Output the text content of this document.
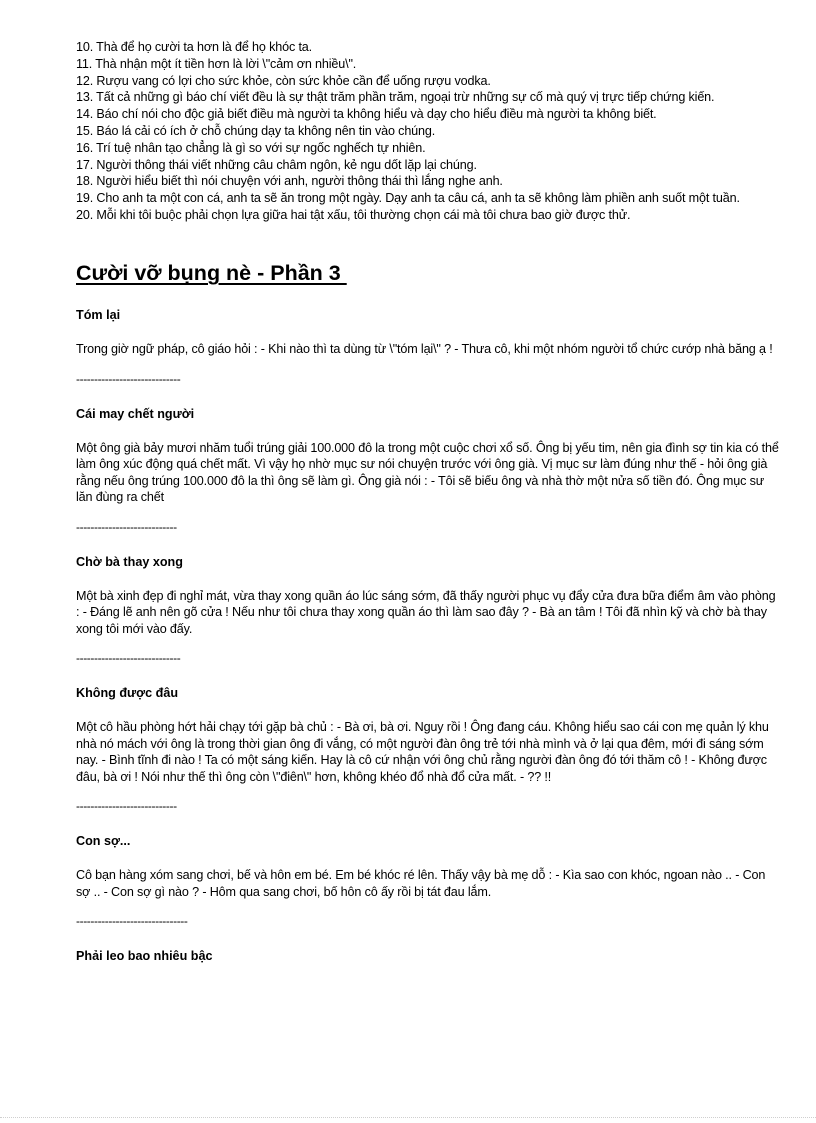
10. Thà để họ cười ta hơn là để họ khóc ta.
11. Thà nhận một ít tiền hơn là lời \"cảm ơn nhiều\".
12. Rượu vang có lợi cho sức khỏe, còn sức khỏe cần để uống rượu vodka.
13. Tất cả những gì báo chí viết đều là sự thật trăm phần trăm, ngoại trừ những sự cố mà quý vị trực tiếp chứng kiến.
14. Báo chí nói cho độc giả biết điều mà người ta không hiểu và dạy cho hiểu điều mà người ta không biết.
15. Báo lá cải có ích ở chỗ chúng dạy ta không nên tin vào chúng.
16. Trí tuệ nhân tạo chẳng là gì so với sự ngốc nghếch tự nhiên.
17. Người thông thái viết những câu châm ngôn, kẻ ngu dốt lặp lại chúng.
18. Người hiểu biết thì nói chuyện với anh, người thông thái thì lắng nghe anh.
19. Cho anh ta một con cá, anh ta sẽ ăn trong một ngày. Dạy anh ta câu cá, anh ta sẽ không làm phiền anh suốt một tuần.
20. Mỗi khi tôi buộc phải chọn lựa giữa hai tật xấu, tôi thường chọn cái mà tôi chưa bao giờ được thử.
Cười vỡ bụng nè - Phần 3

Tóm lại

Trong giờ ngữ pháp, cô giáo hỏi : - Khi nào thì ta dùng từ \"tóm lại\" ? - Thưa cô, khi một nhóm người tổ chức cướp nhà băng ạ !

-----------------------------

Cái may chết người

Một ông già bảy mươi nhăm tuổi trúng giải 100.000 đô la trong một cuộc chơi xổ số. Ông bị yếu tim, nên gia đình sợ tin kia có thể làm ông xúc động quá chết mất. Vì vậy họ nhờ mục sư nói chuyện trước với ông già. Vị mục sư làm đúng như thế - hỏi ông già rằng nếu ông trúng 100.000 đô la thì ông sẽ làm gì. Ông già nói : - Tôi sẽ biếu ông và nhà thờ một nửa số tiền đó. Ông mục sư lăn đùng ra chết

----------------------------

Chờ bà thay xong

Một bà xinh đẹp đi nghỉ mát, vừa thay xong quần áo lúc sáng sớm, đã thấy người phục vụ đẩy cửa đưa bữa điểm âm vào phòng : - Đáng lẽ anh nên gõ cửa ! Nếu như tôi chưa thay xong quần áo thì làm sao đây ? - Bà an tâm ! Tôi đã nhìn kỹ và chờ bà thay xong tôi mới vào đấy.

-----------------------------

Không được đâu

Một cô hầu phòng hớt hải chạy tới gặp bà chủ : - Bà ơi, bà ơi. Nguy rồi ! Ông đang cáu. Không hiểu sao cái con mẹ quản lý khu nhà nó mách với ông là trong thời gian ông đi vắng, có một người đàn ông trẻ tới nhà mình và ở lại qua đêm, mới đi sáng sớm nay. - Bình tĩnh đi nào ! Ta có một sáng kiến. Hay là cô cứ nhận với ông chủ rằng người đàn ông đó tới thăm cô ! - Không được đâu, bà ơi ! Nói như thế thì ông còn \"điên\" hơn, không khéo đổ nhà đổ cửa mất. - ?? !!

----------------------------

Con sợ...

Cô bạn hàng xóm sang chơi, bế và hôn em bé. Em bé khóc ré lên. Thấy vậy bà mẹ dỗ : - Kìa sao con khóc, ngoan nào .. - Con sợ .. - Con sợ gì nào ? - Hôm qua sang chơi, bố hôn cô ấy rồi bị tát đau lắm.

-------------------------------

Phải leo bao nhiêu bậc
